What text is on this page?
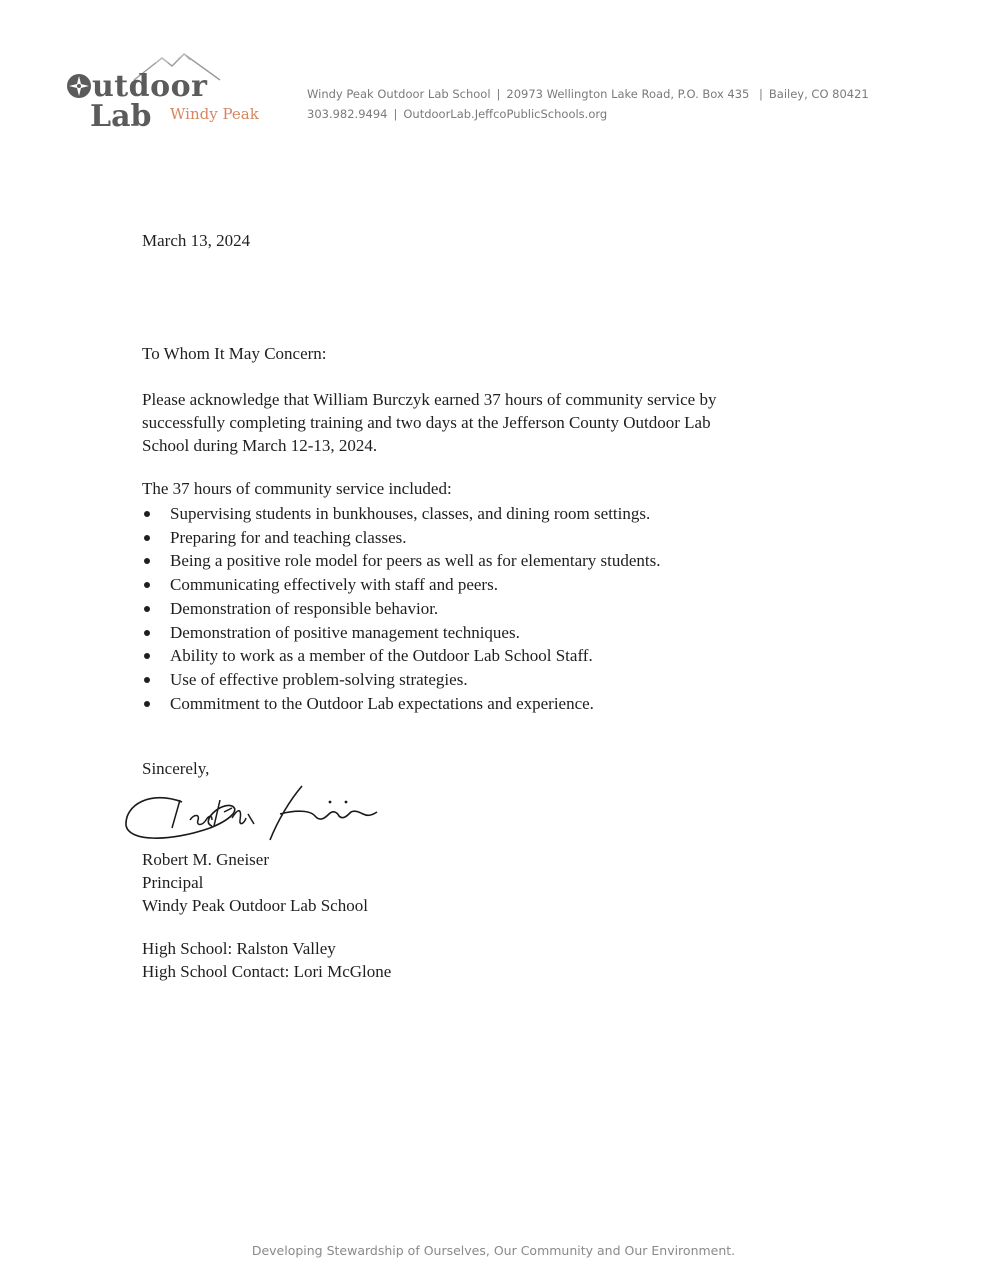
utdoor
Lab Windy Peak
Windy Peak Outdoor Lab School | 20973 Wellington Lake Road, P.O. Box 435 | Bailey, CO 80421
303.982.9494 | OutdoorLab.JeffcoPublicSchools.org
March 13, 2024
To Whom It May Concern:
Please acknowledge that William Burczyk earned 37 hours of community service by
successfully completing training and two days at the Jefferson County Outdoor Lab
School during March 12-13, 2024.
The 37 hours of community service included:
Supervising students in bunkhouses, classes, and dining room settings.
Preparing for and teaching classes.
Being a positive role model for peers as well as for elementary students.
Communicating effectively with staff and peers.
Demonstration of responsible behavior.
Demonstration of positive management techniques.
Ability to work as a member of the Outdoor Lab School Staff.
Use of effective problem-solving strategies.
Commitment to the Outdoor Lab expectations and experience.
Sincerely,
Robert M. Gneiser
Principal
Windy Peak Outdoor Lab School
High School: Ralston Valley
High School Contact: Lori McGlone
Developing Stewardship of Ourselves, Our Community and Our Environment.
